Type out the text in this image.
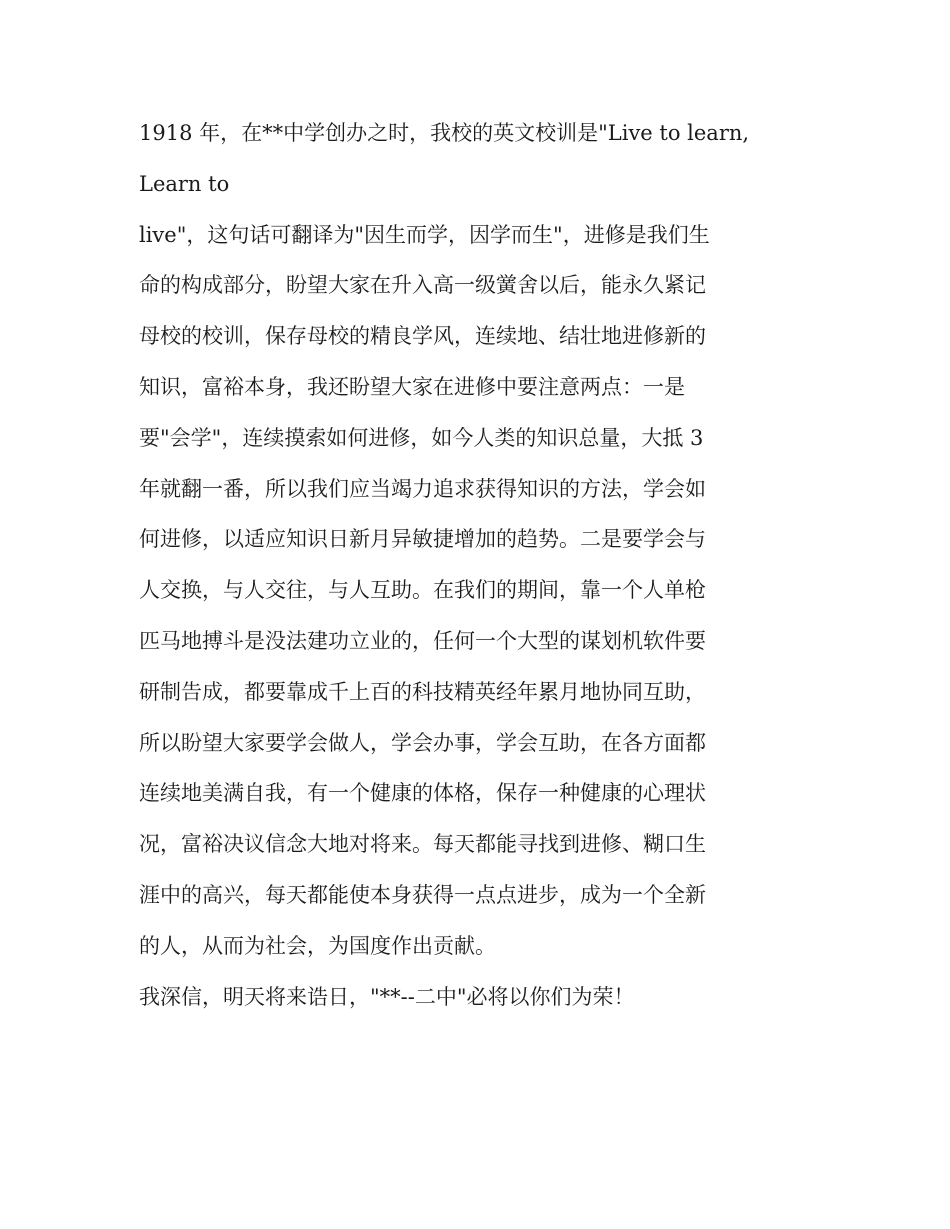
1918 年，在**中学创办之时，我校的英文校训是"Live to learn,
Learn to
live"，这句话可翻译为"因生而学，因学而生"，进修是我们生
命的构成部分，盼望大家在升入高一级黉舍以后，能永久紧记
母校的校训，保存母校的精良学风，连续地、结壮地进修新的
知识，富裕本身，我还盼望大家在进修中要注意两点：一是
要"会学"，连续摸索如何进修，如今人类的知识总量，大抵 3
年就翻一番，所以我们应当竭力追求获得知识的方法，学会如
何进修，以适应知识日新月异敏捷增加的趋势。二是要学会与
人交换，与人交往，与人互助。在我们的期间，靠一个人单枪
匹马地搏斗是没法建功立业的，任何一个大型的谋划机软件要
研制告成，都要靠成千上百的科技精英经年累月地协同互助，
所以盼望大家要学会做人，学会办事，学会互助，在各方面都
连续地美满自我，有一个健康的体格，保存一种健康的心理状
况，富裕决议信念大地对将来。每天都能寻找到进修、糊口生
涯中的高兴，每天都能使本身获得一点点进步，成为一个全新
的人，从而为社会，为国度作出贡献。
我深信，明天将来诰日，"**--二中"必将以你们为荣！
